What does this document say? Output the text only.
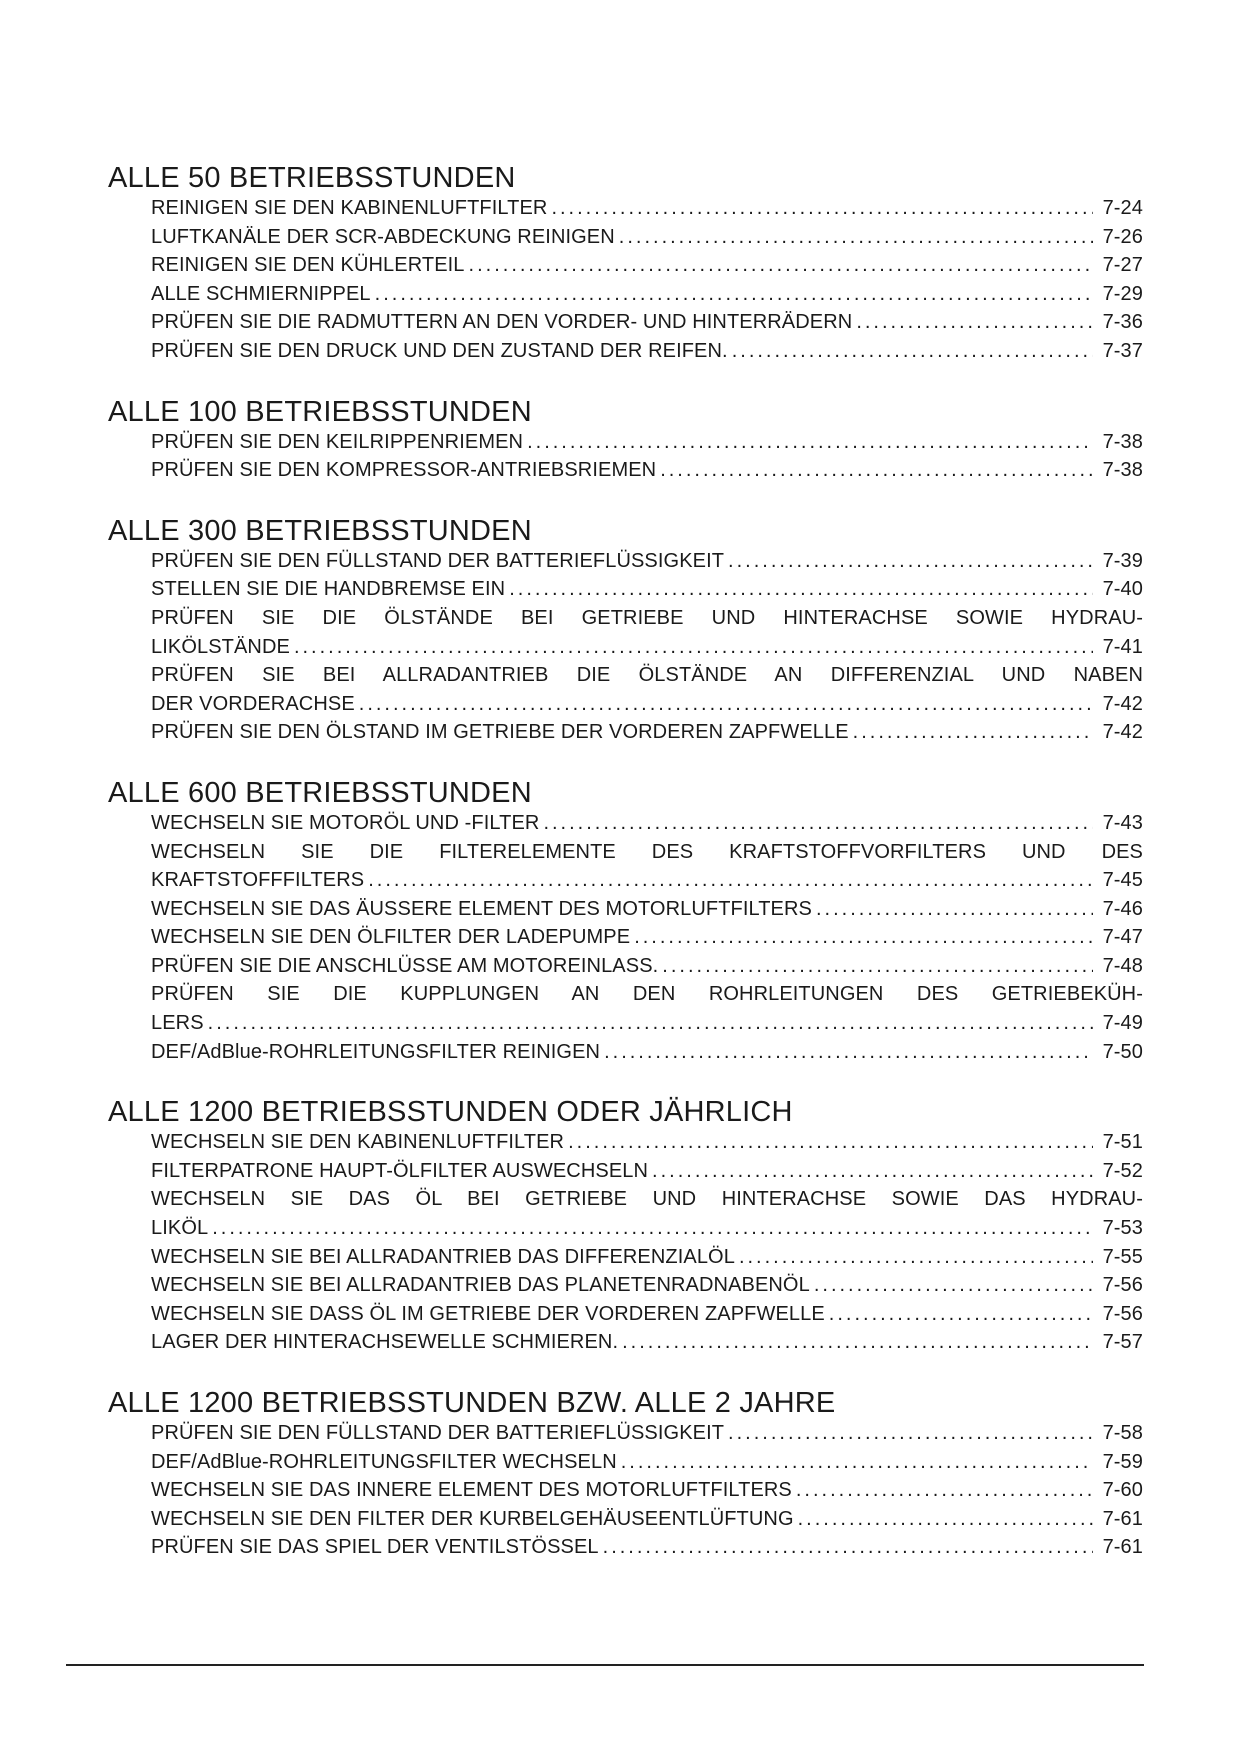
ALLE 50 BETRIEBSSTUNDEN
REINIGEN SIE DEN KABINENLUFTFILTER .....	7-24
LUFTKANÄLE DER SCR-ABDECKUNG REINIGEN .....	7-26
REINIGEN SIE DEN KÜHLERTEIL .....	7-27
ALLE SCHMIERNIPPEL .....	7-29
PRÜFEN SIE DIE RADMUTTERN AN DEN VORDER- UND HINTERRÄDERN .....	7-36
PRÜFEN SIE DEN DRUCK UND DEN ZUSTAND DER REIFEN. .....	7-37
ALLE 100 BETRIEBSSTUNDEN
PRÜFEN SIE DEN KEILRIPPENRIEMEN .....	7-38
PRÜFEN SIE DEN KOMPRESSOR-ANTRIEBSRIEMEN .....	7-38
ALLE 300 BETRIEBSSTUNDEN
PRÜFEN SIE DEN FÜLLSTAND DER BATTERIEFLÜSSIGKEIT .....	7-39
STELLEN SIE DIE HANDBREMSE EIN .....	7-40
PRÜFEN SIE DIE ÖLSTÄNDE BEI GETRIEBE UND HINTERACHSE SOWIE HYDRAU-
LIKÖLSTÄNDE .....	7-41
PRÜFEN SIE BEI ALLRADANTRIEB DIE ÖLSTÄNDE AN DIFFERENZIAL UND NABEN
DER VORDERACHSE .....	7-42
PRÜFEN SIE DEN ÖLSTAND IM GETRIEBE DER VORDEREN ZAPFWELLE .....	7-42
ALLE 600 BETRIEBSSTUNDEN
WECHSELN SIE MOTORÖL UND -FILTER .....	7-43
WECHSELN SIE DIE FILTERELEMENTE DES KRAFTSTOFFVORFILTERS UND DES
KRAFTSTOFFFILTERS .....	7-45
WECHSELN SIE DAS ÄUSSERE ELEMENT DES MOTORLUFTFILTERS .....	7-46
WECHSELN SIE DEN ÖLFILTER DER LADEPUMPE .....	7-47
PRÜFEN SIE DIE ANSCHLÜSSE AM MOTOREINLASS. .....	7-48
PRÜFEN SIE DIE KUPPLUNGEN AN DEN ROHRLEITUNGEN DES GETRIEBEKÜH-
LERS .....	7-49
DEF/AdBlue-ROHRLEITUNGSFILTER REINIGEN .....	7-50
ALLE 1200 BETRIEBSSTUNDEN ODER JÄHRLICH
WECHSELN SIE DEN KABINENLUFTFILTER .....	7-51
FILTERPATRONE HAUPT-ÖLFILTER AUSWECHSELN .....	7-52
WECHSELN SIE DAS ÖL BEI GETRIEBE UND HINTERACHSE SOWIE DAS HYDRAU-
LIKÖL .....	7-53
WECHSELN SIE BEI ALLRADANTRIEB DAS DIFFERENZIALÖL .....	7-55
WECHSELN SIE BEI ALLRADANTRIEB DAS PLANETENRADNABENÖL .....	7-56
WECHSELN SIE DASS ÖL IM GETRIEBE DER VORDEREN ZAPFWELLE .....	7-56
LAGER DER HINTERACHSEWELLE SCHMIEREN. .....	7-57
ALLE 1200 BETRIEBSSTUNDEN BZW. ALLE 2 JAHRE
PRÜFEN SIE DEN FÜLLSTAND DER BATTERIEFLÜSSIGKEIT .....	7-58
DEF/AdBlue-ROHRLEITUNGSFILTER WECHSELN .....	7-59
WECHSELN SIE DAS INNERE ELEMENT DES MOTORLUFTFILTERS .....	7-60
WECHSELN SIE DEN FILTER DER KURBELGEHÄUSEENTLÜFTUNG .....	7-61
PRÜFEN SIE DAS SPIEL DER VENTILSTÖSSEL .....	7-61
